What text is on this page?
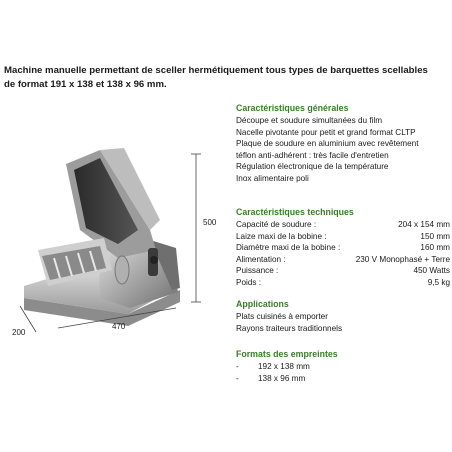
Machine manuelle permettant de sceller hermétiquement tous types de barquettes scellables
de format 191 x 138 et 138 x 96 mm.
500
200
470
Caractéristiques générales

Découpe et soudure simultanées du film

Nacelle pivotante pour petit et grand format CLTP

Plaque de soudure en aluminium avec revêtement

téflon anti-adhérent : très facile d'entretien

Régulation électronique de la température

Inox alimentaire poli

Caractéristiques techniques
Capacité de soudure :	204 x 154 mm
Laize maxi de la bobine :	150 mm
Diamètre maxi de la bobine :	160 mm
Alimentation :	230 V Monophasé + Terre
Puissance :	450 Watts
Poids :	9,5 kg
Applications

Plats cuisinés à emporter

Rayons traiteurs traditionnels

Formats des empreintes
-	192 x 138 mm
-	138 x 96 mm
